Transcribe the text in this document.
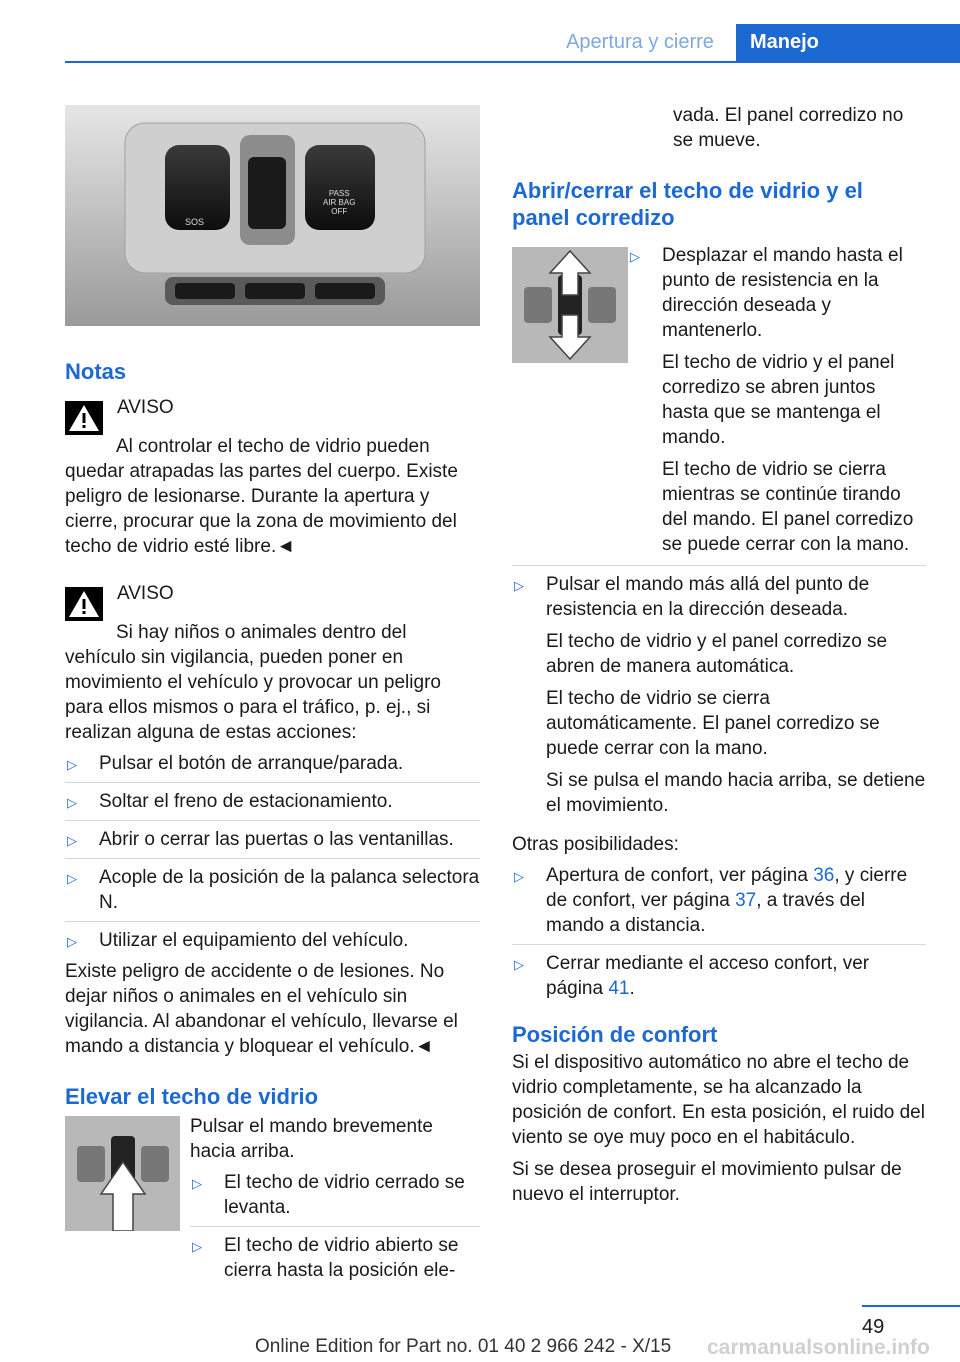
Apertura y cierre	Manejo
SOS
PASS
AIR BAG
OFF
Notas

AVISO

Al controlar el techo de vidrio pueden quedar atrapadas las partes del cuerpo. Existe peligro de lesionarse. Durante la apertura y cierre, procurar que la zona de movimiento del techo de vidrio esté libre.◄

AVISO

Si hay niños o animales dentro del vehículo sin vigilancia, pueden poner en movimiento el vehículo y provocar un peligro para ellos mismos o para el tráfico, p. ej., si realizan alguna de estas acciones:

▷ Pulsar el botón de arranque/parada.
▷ Soltar el freno de estacionamiento.
▷ Abrir o cerrar las puertas o las ventanillas.
▷ Acople de la posición de la palanca selectora N.
▷ Utilizar el equipamiento del vehículo.

Existe peligro de accidente o de lesiones. No dejar niños o animales en el vehículo sin vigilancia. Al abandonar el vehículo, llevarse el mando a distancia y bloquear el vehículo.◄

Elevar el techo de vidrio

Pulsar el mando brevemente hacia arriba.

▷ El techo de vidrio cerrado se levanta.
▷ El techo de vidrio abierto se cierra hasta la posición ele-

vada. El panel corredizo no se mueve.

Abrir/cerrar el techo de vidrio y el panel corredizo
▷ Desplazar el mando hasta el punto de resistencia en la dirección deseada y mantenerlo.

El techo de vidrio y el panel corredizo se abren juntos hasta que se mantenga el mando.

El techo de vidrio se cierra mientras se continúe tirando del mando. El panel corredizo se puede cerrar con la mano.

▷ Pulsar el mando más allá del punto de resistencia en la dirección deseada.

El techo de vidrio y el panel corredizo se abren de manera automática.

El techo de vidrio se cierra automáticamente. El panel corredizo se puede cerrar con la mano.

Si se pulsa el mando hacia arriba, se detiene el movimiento.

Otras posibilidades:

▷ Apertura de confort, ver página 36, y cierre de confort, ver página 37, a través del mando a distancia.
▷ Cerrar mediante el acceso confort, ver página 41.
Posición de confort

Si el dispositivo automático no abre el techo de vidrio completamente, se ha alcanzado la posición de confort. En esta posición, el ruido del viento se oye muy poco en el habitáculo.

Si se desea proseguir el movimiento pulsar de nuevo el interruptor.

49
Online Edition for Part no. 01 40 2 966 242 - X/15 carmanualsonline.info
